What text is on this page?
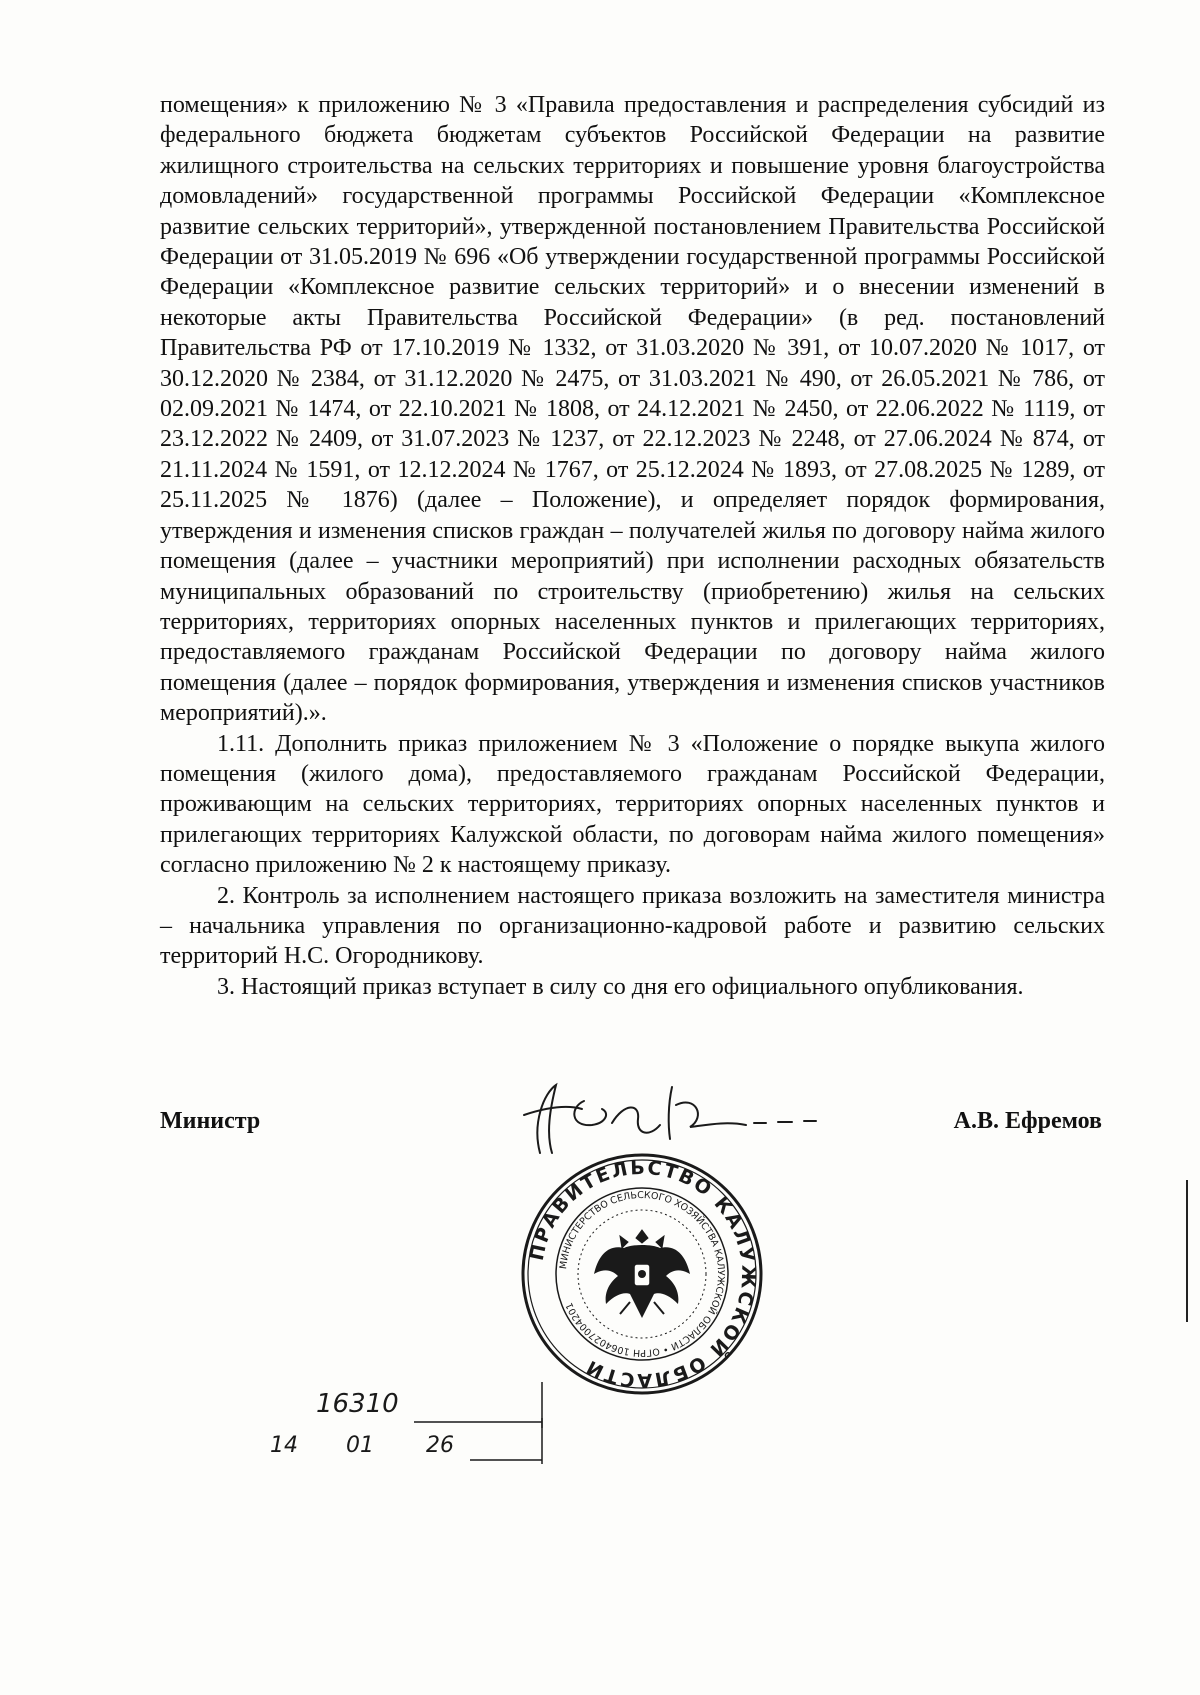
помещения» к приложению № 3 «Правила предоставления и распределения субсидий из федерального бюджета бюджетам субъектов Российской Федерации на развитие жилищного строительства на сельских территориях и повышение уровня благоустройства домовладений» государственной программы Российской Федерации «Комплексное развитие сельских территорий», утвержденной постановлением Правительства Российской Федерации от 31.05.2019 № 696 «Об утверждении государственной программы Российской Федерации «Комплексное развитие сельских территорий» и о внесении изменений в некоторые акты Правительства Российской Федерации» (в ред. постановлений Правительства РФ от 17.10.2019 № 1332, от 31.03.2020 № 391, от 10.07.2020 № 1017, от 30.12.2020 № 2384, от 31.12.2020 № 2475, от 31.03.2021 № 490, от 26.05.2021 № 786, от 02.09.2021 № 1474, от 22.10.2021 № 1808, от 24.12.2021 № 2450, от 22.06.2022 № 1119, от 23.12.2022 № 2409, от 31.07.2023 № 1237, от 22.12.2023 № 2248, от 27.06.2024 № 874, от 21.11.2024 № 1591, от 12.12.2024 № 1767, от 25.12.2024 № 1893, от 27.08.2025 № 1289, от 25.11.2025 № 1876) (далее – Положение), и определяет порядок формирования, утверждения и изменения списков граждан – получателей жилья по договору найма жилого помещения (далее – участники мероприятий) при исполнении расходных обязательств муниципальных образований по строительству (приобретению) жилья на сельских территориях, территориях опорных населенных пунктов и прилегающих территориях, предоставляемого гражданам Российской Федерации по договору найма жилого помещения (далее – порядок формирования, утверждения и изменения списков участников мероприятий).».

1.11. Дополнить приказ приложением № 3 «Положение о порядке выкупа жилого помещения (жилого дома), предоставляемого гражданам Российской Федерации, проживающим на сельских территориях, территориях опорных населенных пунктов и прилегающих территориях Калужской области, по договорам найма жилого помещения» согласно приложению № 2 к настоящему приказу.

2. Контроль за исполнением настоящего приказа возложить на заместителя министра – начальника управления по организационно-кадровой работе и развитию сельских территорий Н.С. Огородникову.

3. Настоящий приказ вступает в силу со дня его официального опубликования.

Министр	А.В. Ефремов
ПРАВИТЕЛЬСТВО КАЛУЖСКОЙ ОБЛАСТИ
МИНИСТЕРСТВО СЕЛЬСКОГО ХОЗЯЙСТВА КАЛУЖСКОЙ ОБЛАСТИ • ОГРН 1064027004201
16310
14 01 26
